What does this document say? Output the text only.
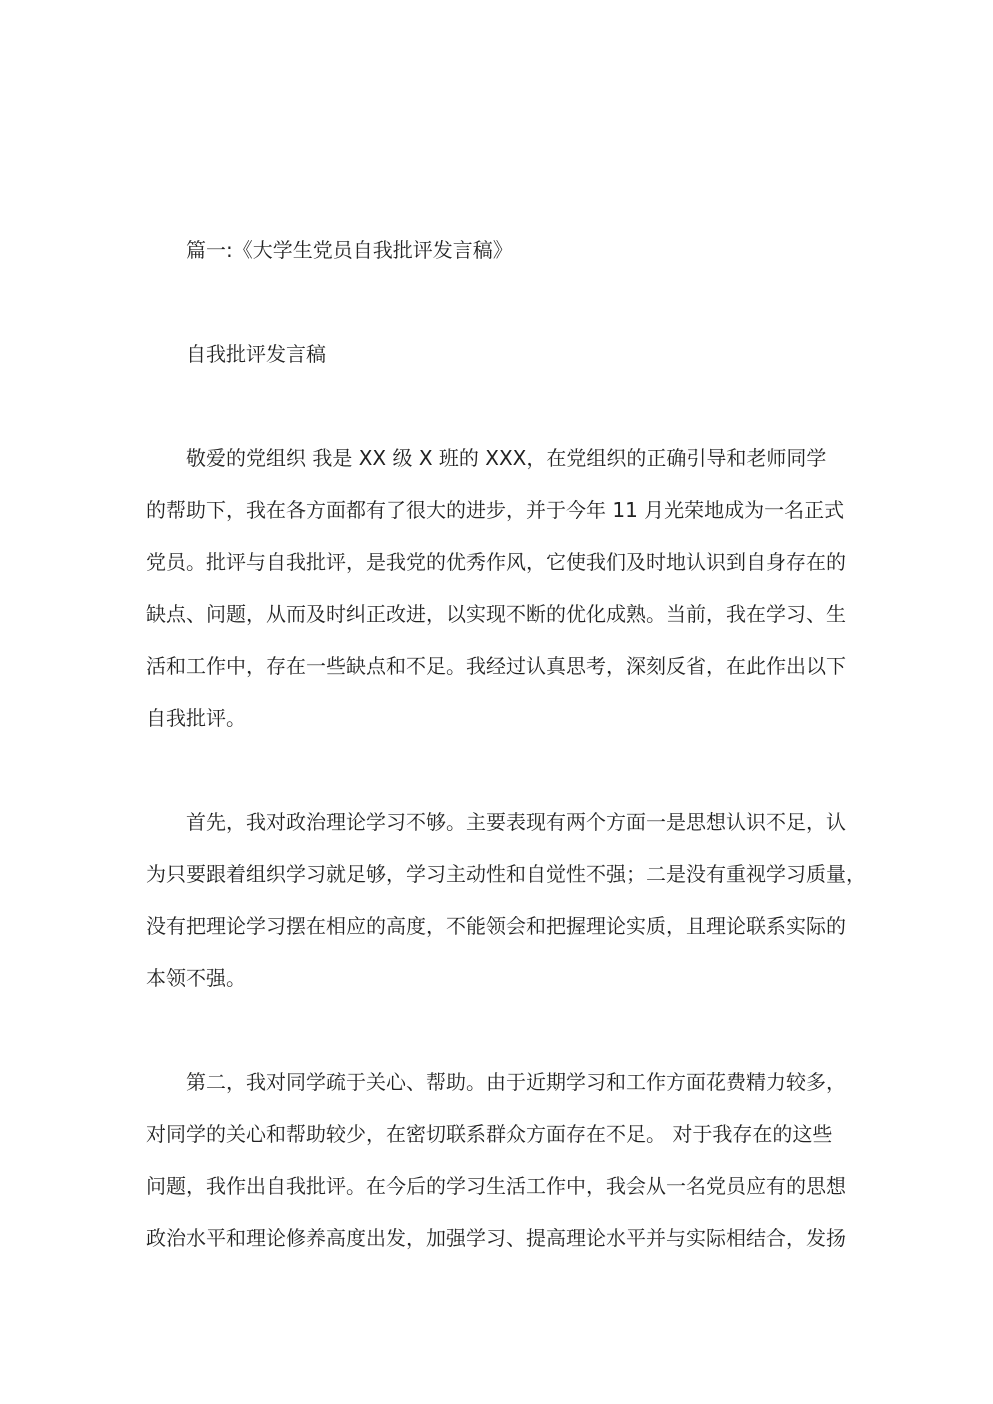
篇一:《大学生党员自我批评发言稿》
自我批评发言稿
敬爱的党组织 我是 XX 级 X 班的 XXX，在党组织的正确引导和老师同学
的帮助下，我在各方面都有了很大的进步，并于今年 11 月光荣地成为一名正式
党员。批评与自我批评，是我党的优秀作风，它使我们及时地认识到自身存在的
缺点、问题，从而及时纠正改进，以实现不断的优化成熟。当前，我在学习、生
活和工作中，存在一些缺点和不足。我经过认真思考，深刻反省，在此作出以下
自我批评。
首先，我对政治理论学习不够。主要表现有两个方面一是思想认识不足，认
为只要跟着组织学习就足够，学习主动性和自觉性不强；二是没有重视学习质量，
没有把理论学习摆在相应的高度，不能领会和把握理论实质，且理论联系实际的
本领不强。
第二，我对同学疏于关心、帮助。由于近期学习和工作方面花费精力较多，
对同学的关心和帮助较少，在密切联系群众方面存在不足。 对于我存在的这些
问题，我作出自我批评。在今后的学习生活工作中，我会从一名党员应有的思想
政治水平和理论修养高度出发，加强学习、提高理论水平并与实际相结合，发扬
